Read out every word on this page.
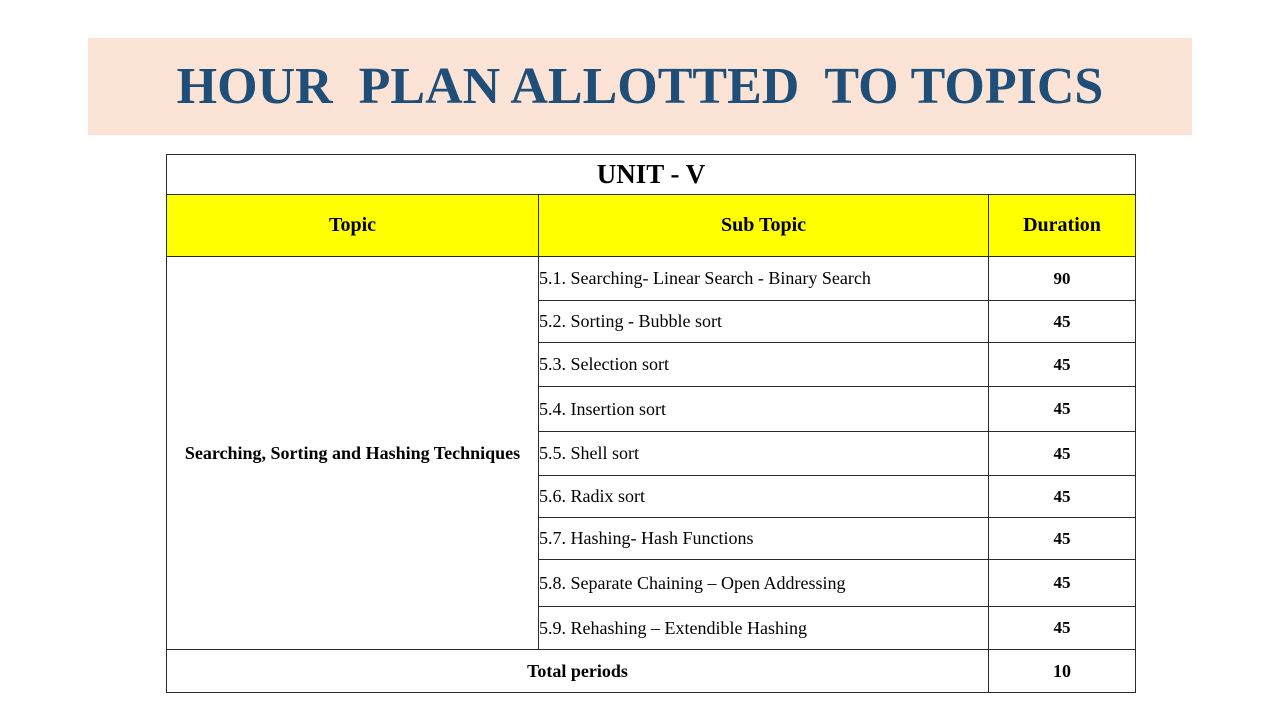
HOUR  PLAN ALLOTTED  TO TOPICS
UNIT - V		
Topic	Sub Topic	Duration
Searching, Sorting and Hashing Techniques	5.1. Searching- Linear Search - Binary Search	90
	5.2. Sorting - Bubble sort	45
	5.3. Selection sort	45
	5.4. Insertion sort	45
	5.5. Shell sort	45
	5.6. Radix sort	45
	5.7. Hashing- Hash Functions	45
	5.8. Separate Chaining – Open Addressing	45
	5.9. Rehashing – Extendible Hashing	45
Total periods		10
